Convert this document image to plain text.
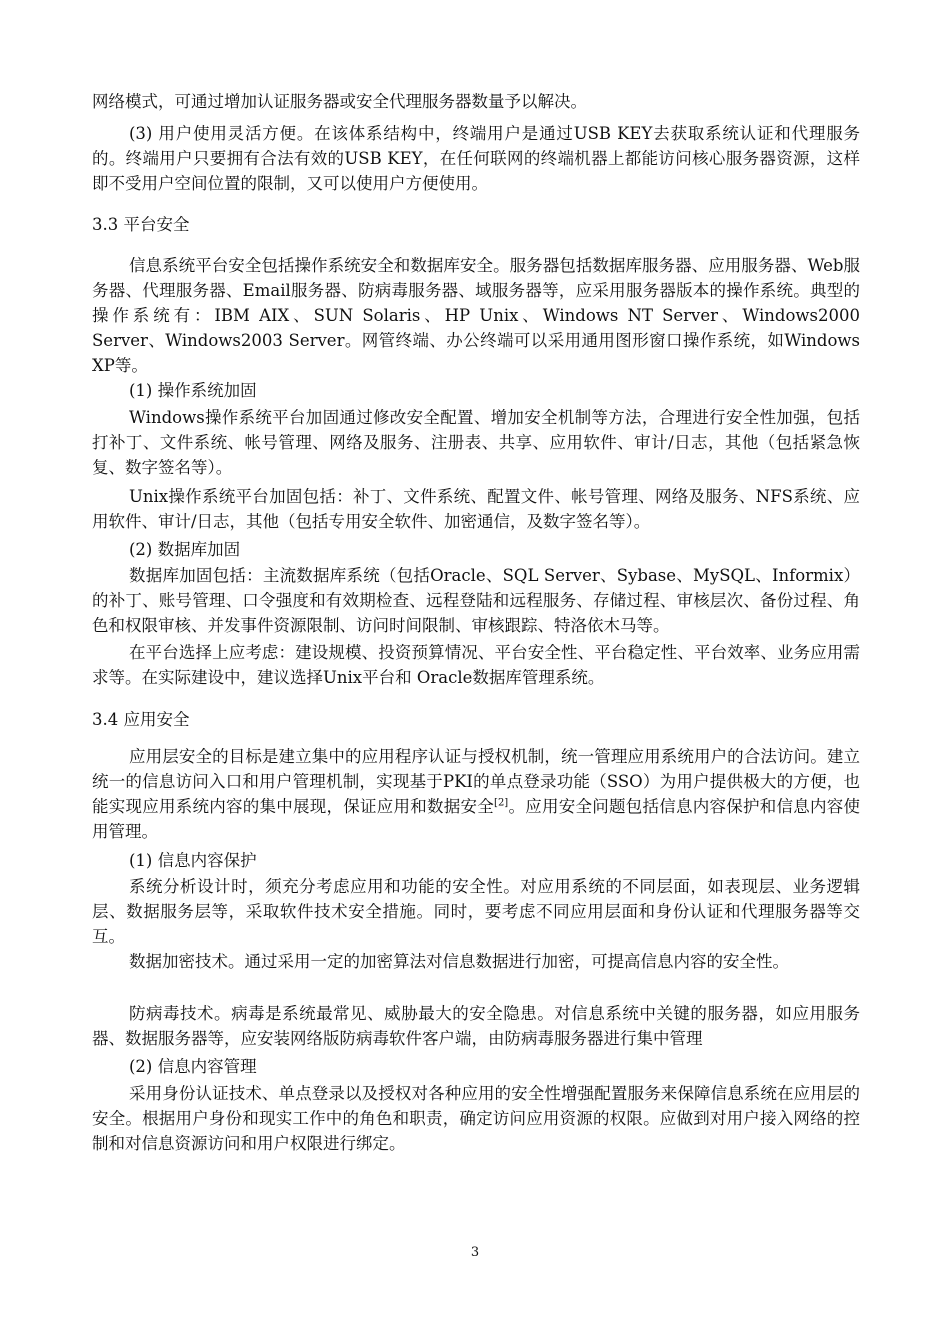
网络模式，可通过增加认证服务器或安全代理服务器数量予以解决。

(3) 用户使用灵活方便。在该体系结构中，终端用户是通过USB KEY去获取系统认证和代理服务的。终端用户只要拥有合法有效的USB KEY，在任何联网的终端机器上都能访问核心服务器资源，这样即不受用户空间位置的限制，又可以使用户方便使用。

3.3 平台安全

信息系统平台安全包括操作系统安全和数据库安全。服务器包括数据库服务器、应用服务器、Web服务器、代理服务器、Email服务器、防病毒服务器、域服务器等，应采用服务器版本的操作系统。典型的操作系统有：IBM AIX、SUN Solaris、HP Unix、Windows NT Server、Windows2000 Server、Windows2003 Server。网管终端、办公终端可以采用通用图形窗口操作系统，如Windows XP等。

(1) 操作系统加固

Windows操作系统平台加固通过修改安全配置、增加安全机制等方法，合理进行安全性加强，包括打补丁、文件系统、帐号管理、网络及服务、注册表、共享、应用软件、审计/日志，其他（包括紧急恢复、数字签名等）。

Unix操作系统平台加固包括：补丁、文件系统、配置文件、帐号管理、网络及服务、NFS系统、应用软件、审计/日志，其他（包括专用安全软件、加密通信，及数字签名等）。

(2) 数据库加固

数据库加固包括：主流数据库系统（包括Oracle、SQL Server、Sybase、MySQL、Informix）的补丁、账号管理、口令强度和有效期检查、远程登陆和远程服务、存储过程、审核层次、备份过程、角色和权限审核、并发事件资源限制、访问时间限制、审核跟踪、特洛依木马等。

在平台选择上应考虑：建设规模、投资预算情况、平台安全性、平台稳定性、平台效率、业务应用需求等。在实际建设中，建议选择Unix平台和 Oracle数据库管理系统。

3.4 应用安全

应用层安全的目标是建立集中的应用程序认证与授权机制，统一管理应用系统用户的合法访问。建立统一的信息访问入口和用户管理机制，实现基于PKI的单点登录功能（SSO）为用户提供极大的方便，也能实现应用系统内容的集中展现，保证应用和数据安全[2]。应用安全问题包括信息内容保护和信息内容使用管理。

(1) 信息内容保护

系统分析设计时，须充分考虑应用和功能的安全性。对应用系统的不同层面，如表现层、业务逻辑层、数据服务层等，采取软件技术安全措施。同时，要考虑不同应用层面和身份认证和代理服务器等交互。

数据加密技术。通过采用一定的加密算法对信息数据进行加密，可提高信息内容的安全性。

防病毒技术。病毒是系统最常见、威胁最大的安全隐患。对信息系统中关键的服务器，如应用服务器、数据服务器等，应安装网络版防病毒软件客户端，由防病毒服务器进行集中管理

(2) 信息内容管理

采用身份认证技术、单点登录以及授权对各种应用的安全性增强配置服务来保障信息系统在应用层的安全。根据用户身份和现实工作中的角色和职责，确定访问应用资源的权限。应做到对用户接入网络的控制和对信息资源访问和用户权限进行绑定。

3
